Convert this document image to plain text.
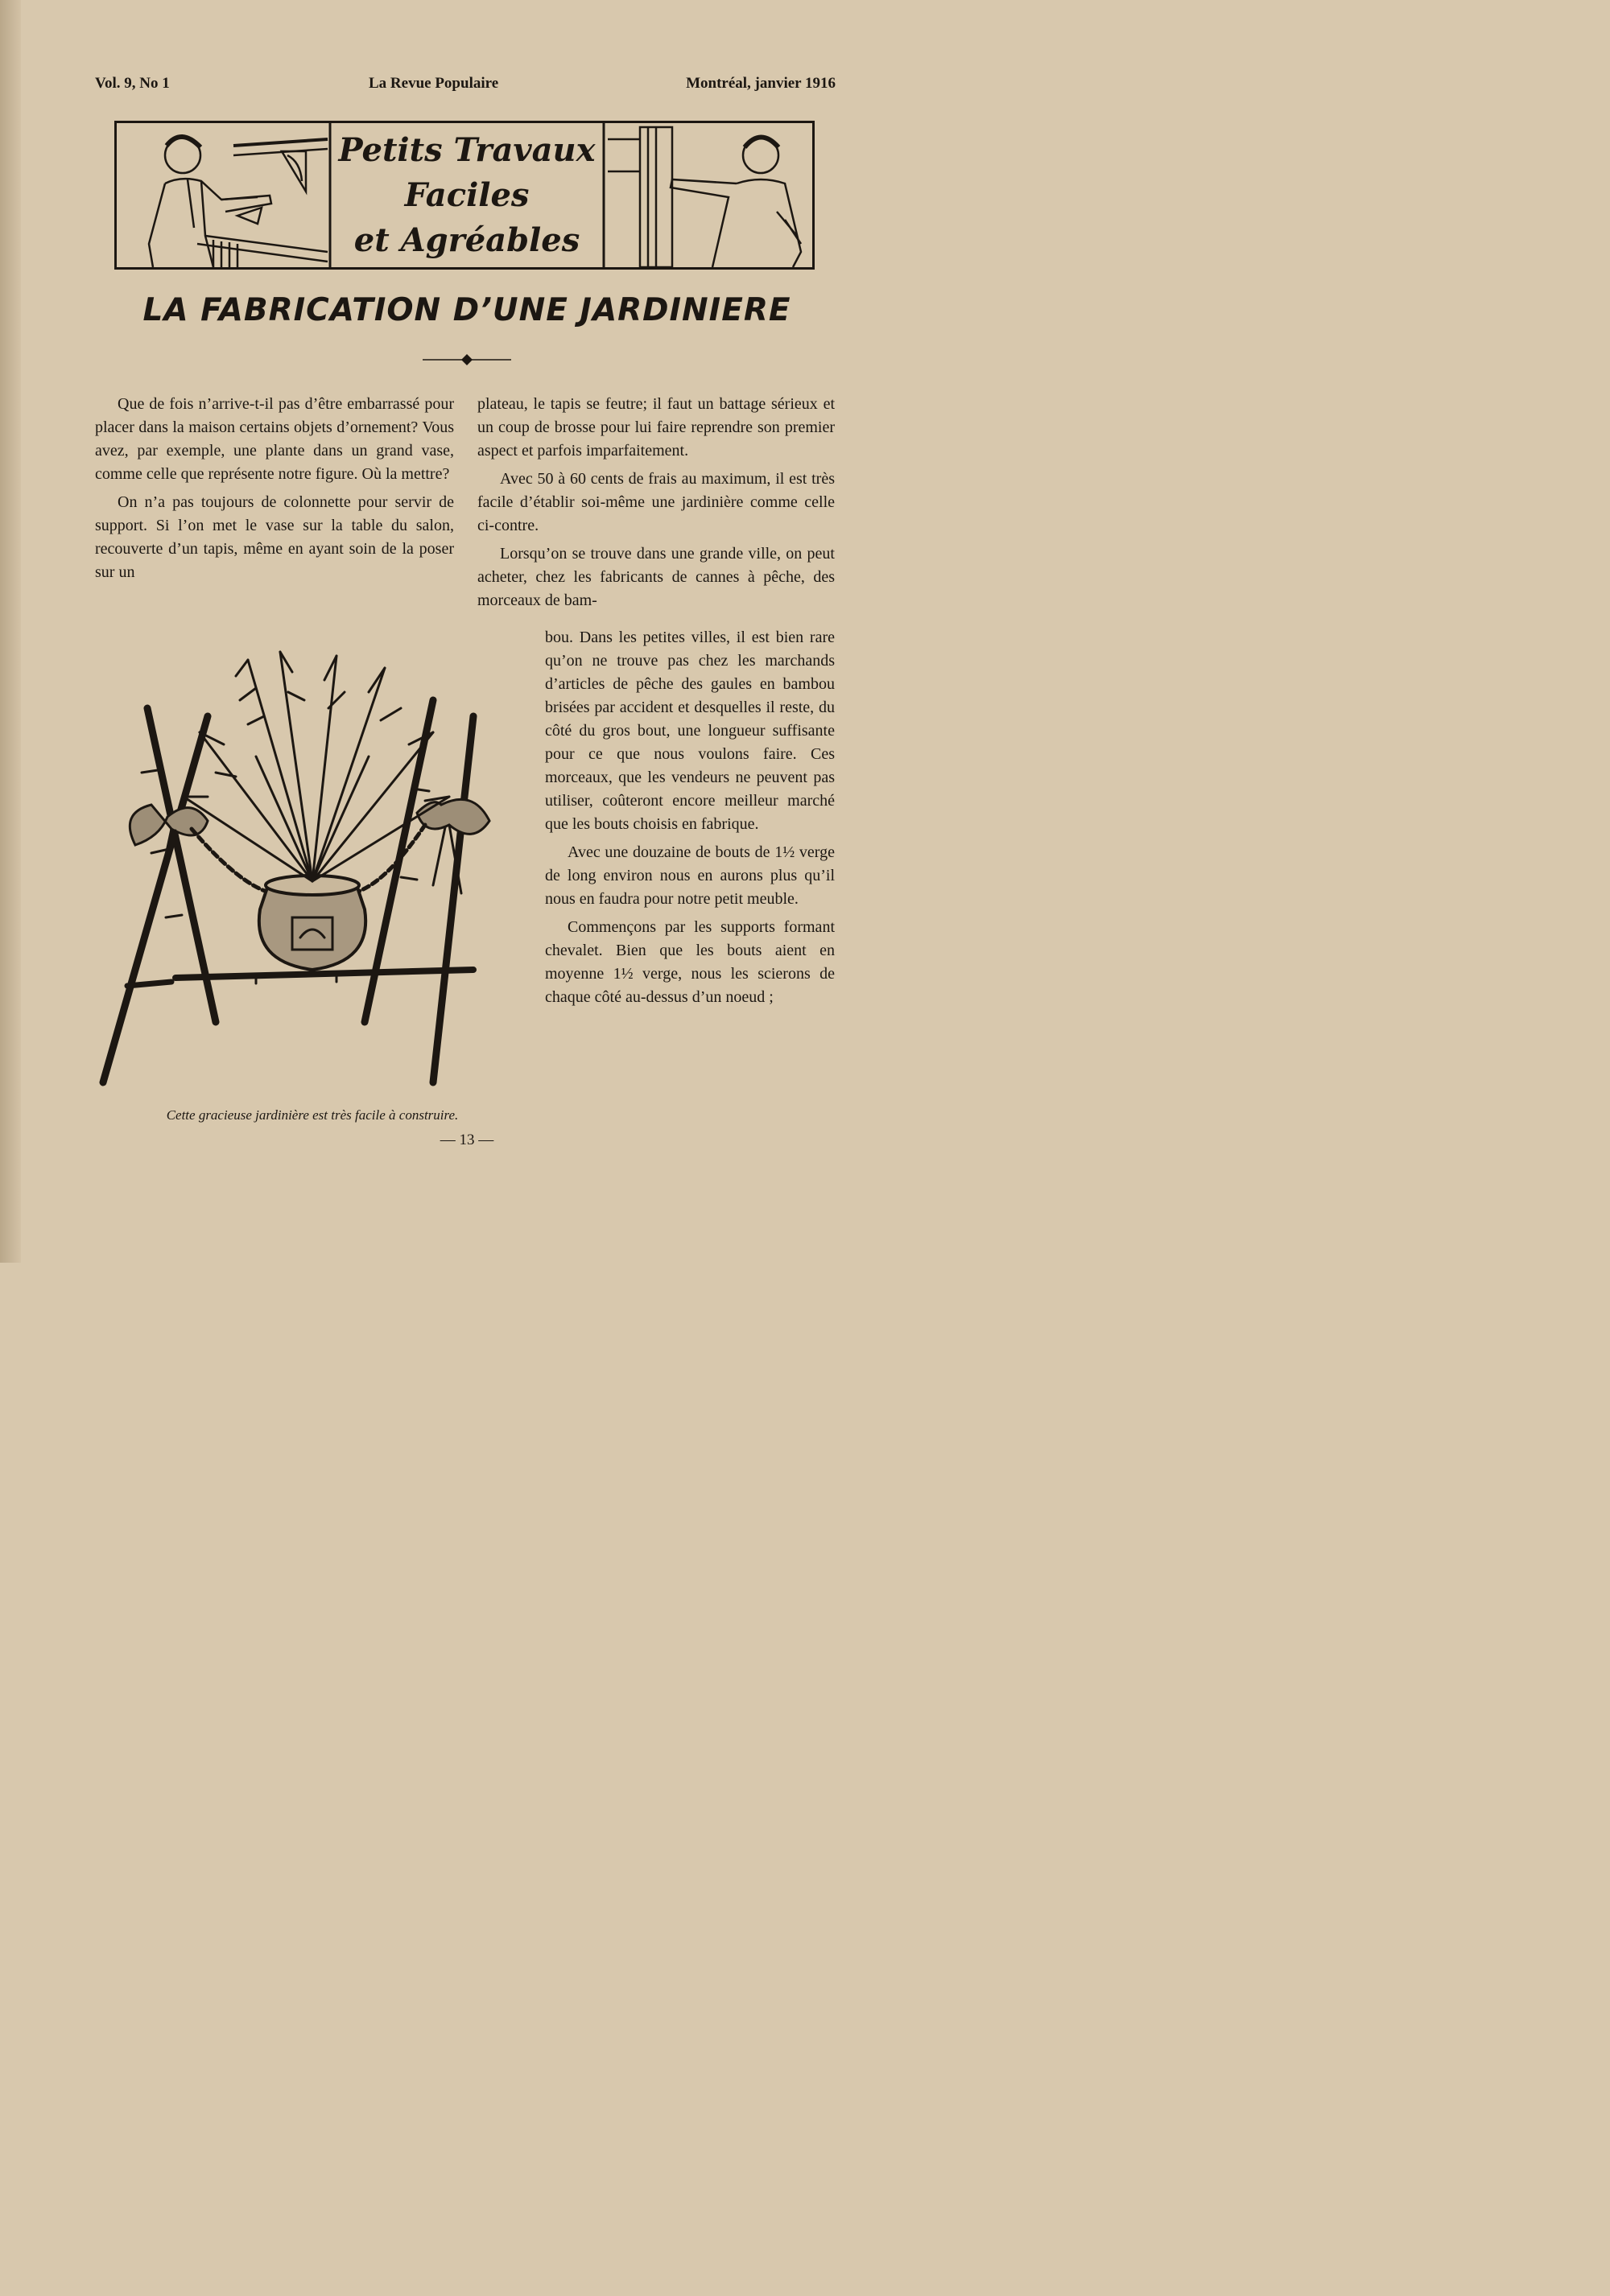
Vol. 9, No 1	La Revue Populaire	Montréal, janvier 1916
Petits Travaux
Faciles
et Agréables
LA FABRICATION D’UNE JARDINIERE

Que de fois n’arrive-t-il pas d’être embarrassé pour placer dans la maison certains objets d’ornement? Vous avez, par exemple, une plante dans un grand vase, comme celle que représente notre figure. Où la mettre?

On n’a pas toujours de colonnette pour servir de support. Si l’on met le vase sur la table du salon, recouverte d’un tapis, même en ayant soin de la poser sur un

plateau, le tapis se feutre; il faut un battage sérieux et un coup de brosse pour lui faire reprendre son premier aspect et parfois imparfaitement.

Avec 50 à 60 cents de frais au maximum, il est très facile d’établir soi-même une jardinière comme celle ci-contre.

Lorsqu’on se trouve dans une grande ville, on peut acheter, chez les fabricants de cannes à pêche, des morceaux de bam-

bou. Dans les petites villes, il est bien rare qu’on ne trouve pas chez les marchands d’articles de pêche des gaules en bambou brisées par accident et desquelles il reste, du côté du gros bout, une longueur suffisante pour ce que nous voulons faire. Ces morceaux, que les vendeurs ne peuvent pas utiliser, coûteront encore meilleur marché que les bouts choisis en fabrique.

Avec une douzaine de bouts de 1½ verge de long environ nous en aurons plus qu’il nous en faudra pour notre petit meuble.

Commençons par les supports formant chevalet. Bien que les bouts aient en moyenne 1½ verge, nous les scierons de chaque côté au-dessus d’un noeud ;

Cette gracieuse jardinière est très facile à construire.
— 13 —
